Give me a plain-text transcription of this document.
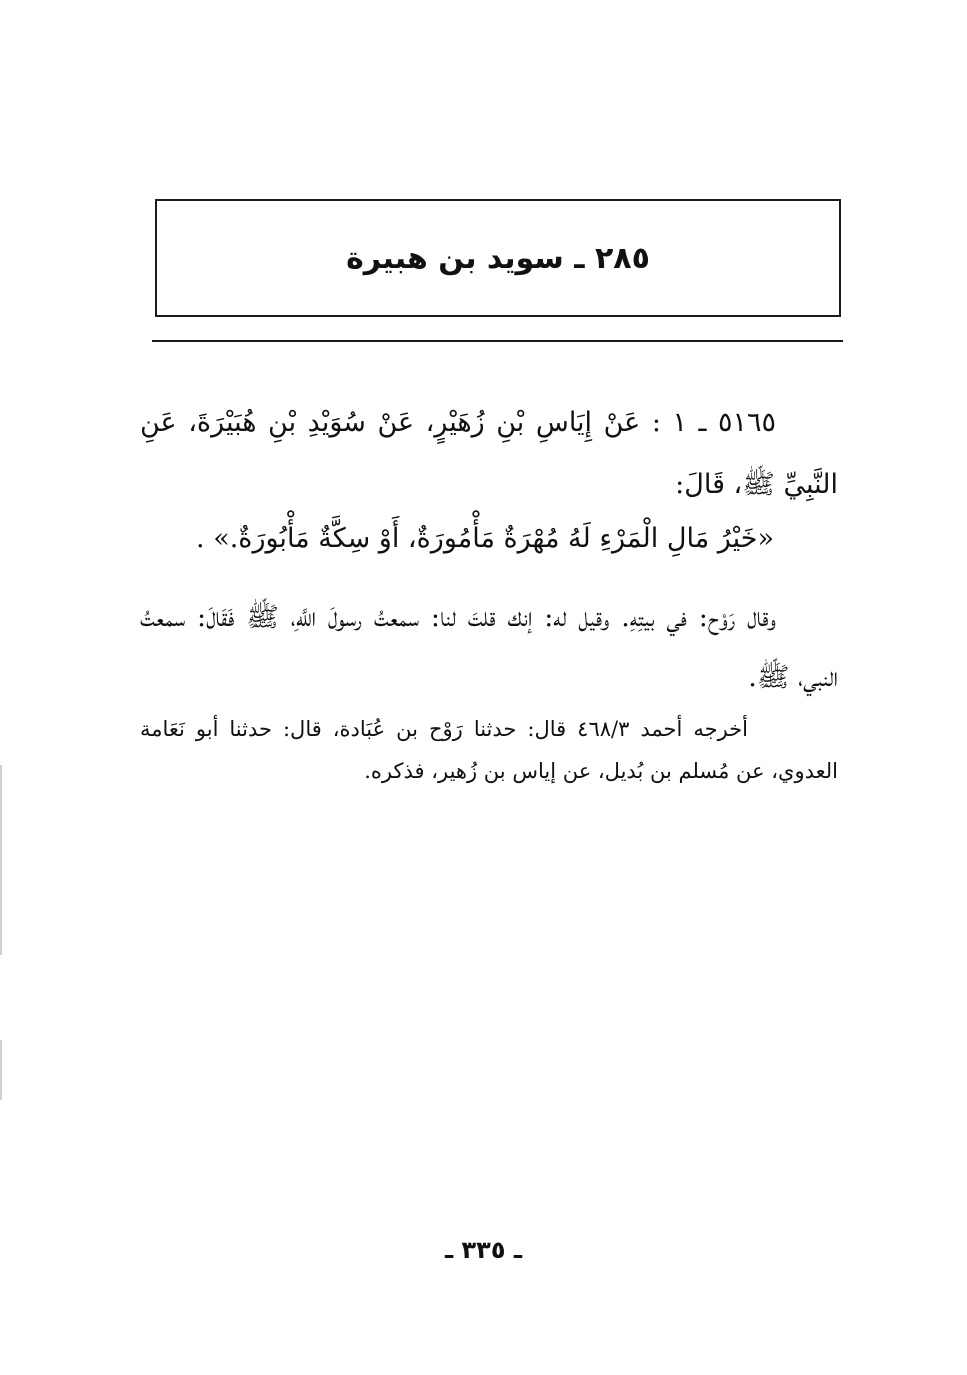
٢٨٥ ـ سويد بن هبيرة
٥١٦٥ ـ ١ : عَنْ إِيَاسِ بْنِ زُهَيْرٍ، عَنْ سُوَيْدِ بْنِ هُبَيْرَةَ، عَنِ النَّبِيِّ ﷺ، قَالَ:
«خَيْرُ مَالِ الْمَرْءِ لَهُ مُهْرَةٌ مَأْمُورَةٌ، أَوْ سِكَّةٌ مَأْبُورَةٌ.» .
وقال رَوْح: في بيتِهِ. وقيل له: إنك قلتَ لنا: سمعتُ رسولَ اللَّهِ، ﷺ فَقَالَ: سمعتُ النبي، ﷺ.
أخرجه أحمد ٤٦٨/٣ قال: حدثنا رَوْح بن عُبَادة، قال: حدثنا أبو نَعَامة العدوي، عن مُسلم بن بُديل، عن إياس بن زُهير، فذكره.
ـ ٣٣٥ ـ
